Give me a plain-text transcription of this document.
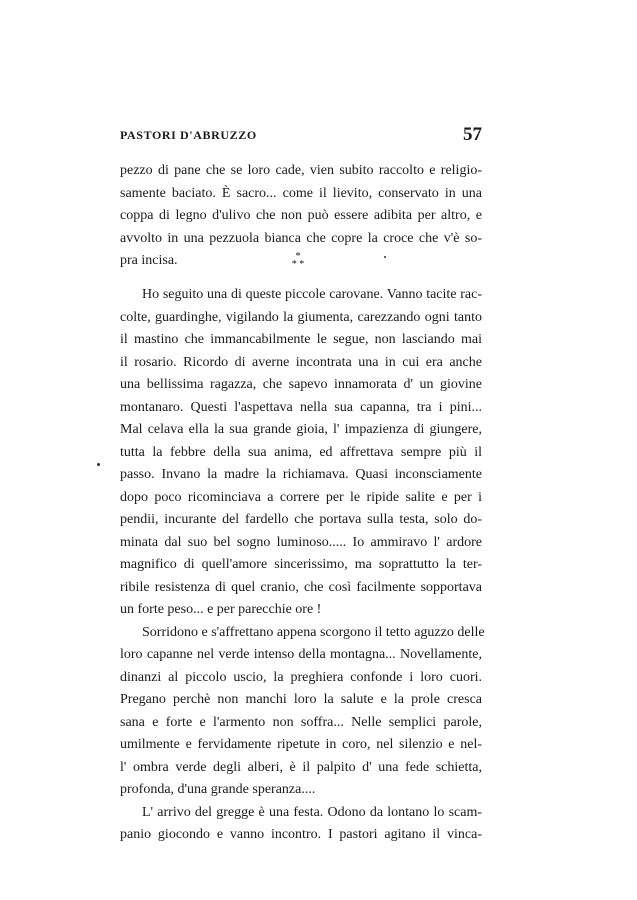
PASTORI D'ABRUZZO	57
pezzo di pane che se loro cade, vien subito raccolto e religio-
samente baciato. È sacro... come il lievito, conservato in una
coppa di legno d'ulivo che non può essere adibita per altro, e
avvolto in una pezzuola bianca che copre la croce che v'è so-
pra incisa.	*
* *
Ho seguito una di queste piccole carovane. Vanno tacite rac-
colte, guardinghe, vigilando la giumenta, carezzando ogni tanto
il mastino che immancabilmente le segue, non lasciando mai
il rosario. Ricordo di averne incontrata una in cui era anche
una bellissima ragazza, che sapevo innamorata d' un giovine
montanaro. Questi l'aspettava nella sua capanna, tra i pini...
Mal celava ella la sua grande gioia, l' impazienza di giungere,
tutta la febbre della sua anima, ed affrettava sempre più il
passo. Invano la madre la richiamava. Quasi inconsciamente
dopo poco ricominciava a correre per le ripide salite e per i
pendii, incurante del fardello che portava sulla testa, solo do-
minata dal suo bel sogno luminoso..... Io ammiravo l' ardore
magnifico di quell'amore sincerissimo, ma soprattutto la ter-
ribile resistenza di quel cranio, che così facilmente sopportava
un forte peso... e per parecchie ore !
Sorridono e s'affrettano appena scorgono il tetto aguzzo delle
loro capanne nel verde intenso della montagna... Novellamente,
dinanzi al piccolo uscio, la preghiera confonde i loro cuori.
Pregano perchè non manchi loro la salute e la prole cresca
sana e forte e l'armento non soffra... Nelle semplici parole,
umilmente e fervidamente ripetute in coro, nel silenzio e nel-
l' ombra verde degli alberi, è il palpito d' una fede schietta,
profonda, d'una grande speranza....
L' arrivo del gregge è una festa. Odono da lontano lo scam-
panio giocondo e vanno incontro. I pastori agitano il vinca-
